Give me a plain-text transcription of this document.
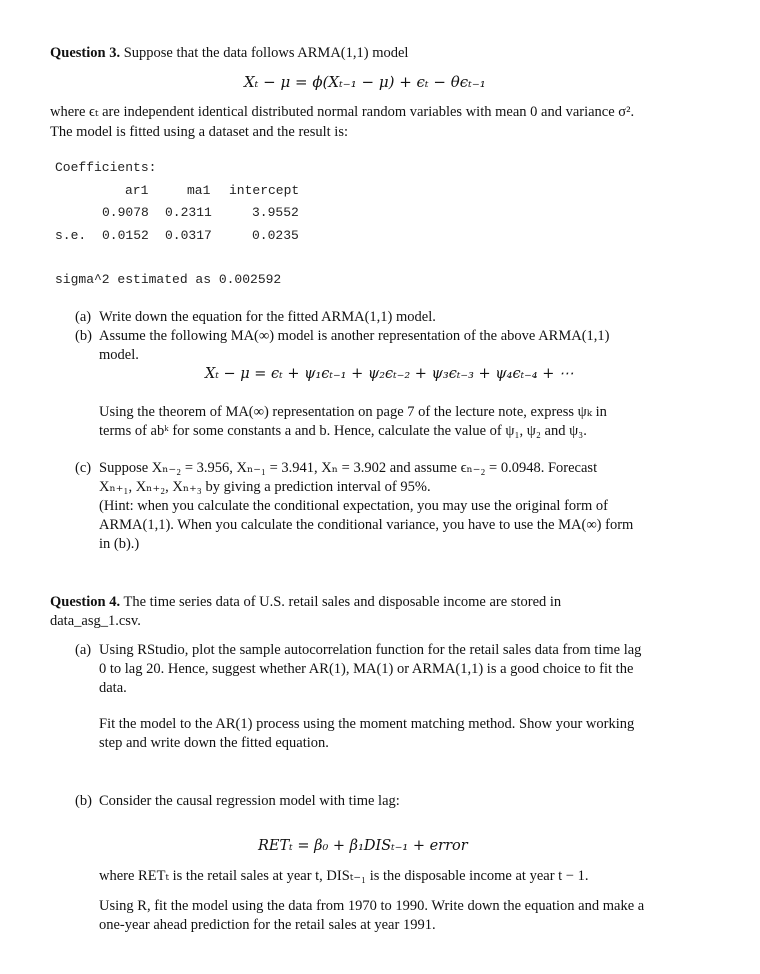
Question 3. Suppose that the data follows ARMA(1,1) model
Xₜ − μ = ϕ(Xₜ₋₁ − μ) + ϵₜ − θϵₜ₋₁
where ϵₜ are independent identical distributed normal random variables with mean 0 and variance σ².
The model is fitted using a dataset and the result is:
Coefficients:
ar1	ma1 intercept
0.9078 0.2311	3.9552
s.e. 0.0152 0.0317	0.0235
sigma^2 estimated as 0.002592
(a) Write down the equation for the fitted ARMA(1,1) model.
(b) Assume the following MA(∞) model is another representation of the above ARMA(1,1)
model.
Xₜ − μ = ϵₜ + ψ₁ϵₜ₋₁ + ψ₂ϵₜ₋₂ + ψ₃ϵₜ₋₃ + ψ₄ϵₜ₋₄ + ⋯
Using the theorem of MA(∞) representation on page 7 of the lecture note, express ψₖ in
terms of abᵏ for some constants a and b. Hence, calculate the value of ψ₁, ψ₂ and ψ₃.
(c) Suppose Xₙ₋₂ = 3.956, Xₙ₋₁ = 3.941, Xₙ = 3.902 and assume ϵₙ₋₂ = 0.0948. Forecast
Xₙ₊₁, Xₙ₊₂, Xₙ₊₃ by giving a prediction interval of 95%.
(Hint: when you calculate the conditional expectation, you may use the original form of
ARMA(1,1). When you calculate the conditional variance, you have to use the MA(∞) form
in (b).)
Question 4. The time series data of U.S. retail sales and disposable income are stored in
data_asg_1.csv.
(a) Using RStudio, plot the sample autocorrelation function for the retail sales data from time lag
0 to lag 20. Hence, suggest whether AR(1), MA(1) or ARMA(1,1) is a good choice to fit the
data.
Fit the model to the AR(1) process using the moment matching method. Show your working
step and write down the fitted equation.
(b) Consider the causal regression model with time lag:
RETₜ = β₀ + β₁DISₜ₋₁ + error
where RETₜ is the retail sales at year t, DISₜ₋₁ is the disposable income at year t − 1.
Using R, fit the model using the data from 1970 to 1990. Write down the equation and make a
one-year ahead prediction for the retail sales at year 1991.
